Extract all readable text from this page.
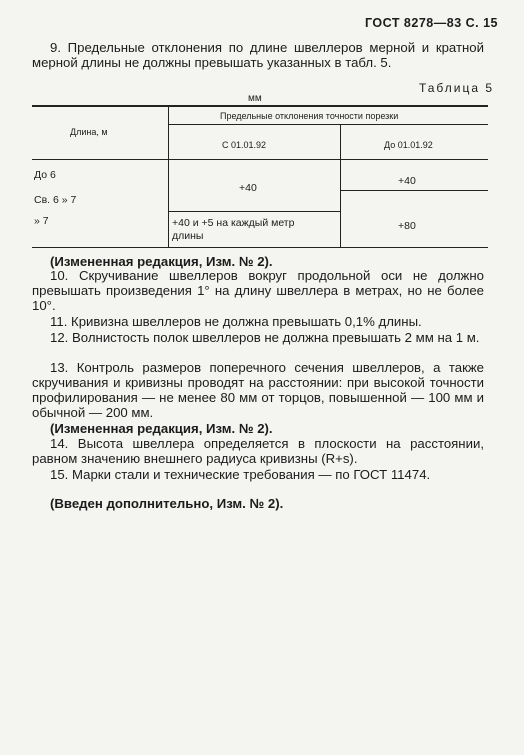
ГОСТ 8278—83 С. 15
9. Предельные отклонения по длине швеллеров мерной и кратной мерной длины не должны превышать указанных в табл. 5.
Таблица 5
мм
Длина, м
Предельные отклонения точности порезки
С 01.01.92	До 01.01.92
До 6
Св. 6 » 7
» 7
+40
+40 и +5 на каждый метр
длины
+40
+80
(Измененная редакция, Изм. № 2).
10. Скручивание швеллеров вокруг продольной оси не должно превышать произведения 1° на длину швеллера в метрах, но не более 10°.
11. Кривизна швеллеров не должна превышать 0,1% длины.
12. Волнистость полок швеллеров не должна превышать 2 мм на 1 м.
13. Контроль размеров поперечного сечения швеллеров, а также скручивания и кривизны проводят на расстоянии: при высокой точности профилирования — не менее 80 мм от торцов, повышенной — 100 мм и обычной — 200 мм.
(Измененная редакция, Изм. № 2).
14. Высота швеллера определяется в плоскости на расстоянии, равном значению внешнего радиуса кривизны (R+s).
15. Марки стали и технические требования — по ГОСТ 11474.
(Введен дополнительно, Изм. № 2).
